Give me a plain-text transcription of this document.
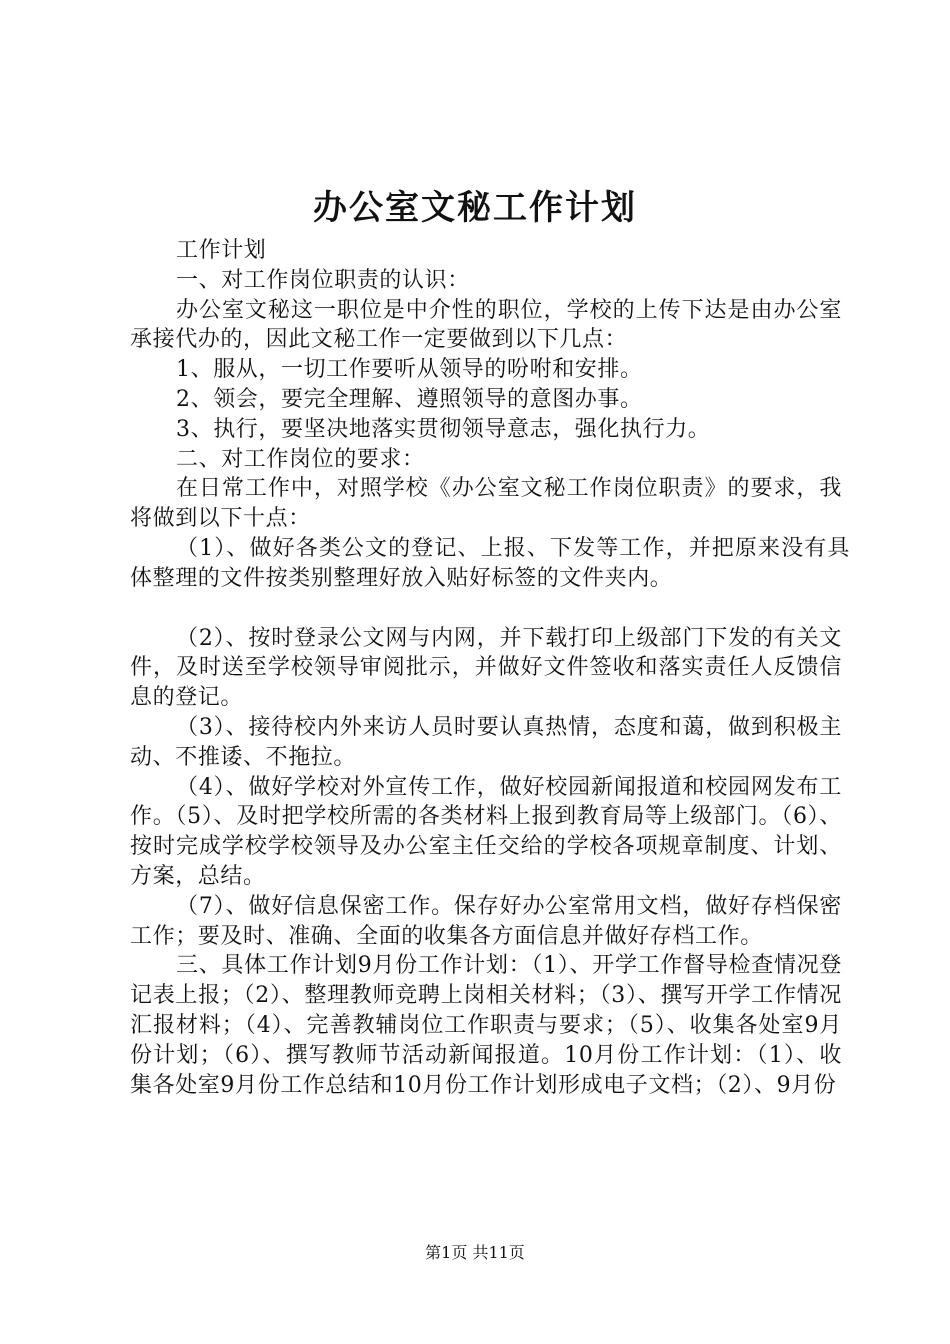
办公室文秘工作计划

工作计划

一、对工作岗位职责的认识：

办公室文秘这一职位是中介性的职位，学校的上传下达是由办公室承接代办的，因此文秘工作一定要做到以下几点：

1、服从，一切工作要听从领导的吩咐和安排。

2、领会，要完全理解、遵照领导的意图办事。

3、执行，要坚决地落实贯彻领导意志，强化执行力。

二、对工作岗位的要求：

在日常工作中，对照学校《办公室文秘工作岗位职责》的要求，我将做到以下十点：

（1）、做好各类公文的登记、上报、下发等工作，并把原来没有具体整理的文件按类别整理好放入贴好标签的文件夹内。

（2）、按时登录公文网与内网，并下载打印上级部门下发的有关文件，及时送至学校领导审阅批示，并做好文件签收和落实责任人反馈信息的登记。

（3）、接待校内外来访人员时要认真热情，态度和蔼，做到积极主动、不推诿、不拖拉。

（4）、做好学校对外宣传工作，做好校园新闻报道和校园网发布工作。（5）、及时把学校所需的各类材料上报到教育局等上级部门。（6）、按时完成学校学校领导及办公室主任交给的学校各项规章制度、计划、方案，总结。

（7）、做好信息保密工作。保存好办公室常用文档，做好存档保密工作；要及时、准确、全面的收集各方面信息并做好存档工作。

三、具体工作计划9月份工作计划：（1）、开学工作督导检查情况登记表上报；（2）、整理教师竞聘上岗相关材料；（3）、撰写开学工作情况汇报材料；（4）、完善教辅岗位工作职责与要求；（5）、收集各处室9月份计划；（6）、撰写教师节活动新闻报道。10月份工作计划：（1）、收集各处室9月份工作总结和10月份工作计划形成电子文档；（2）、9月份

第1页 共11页
